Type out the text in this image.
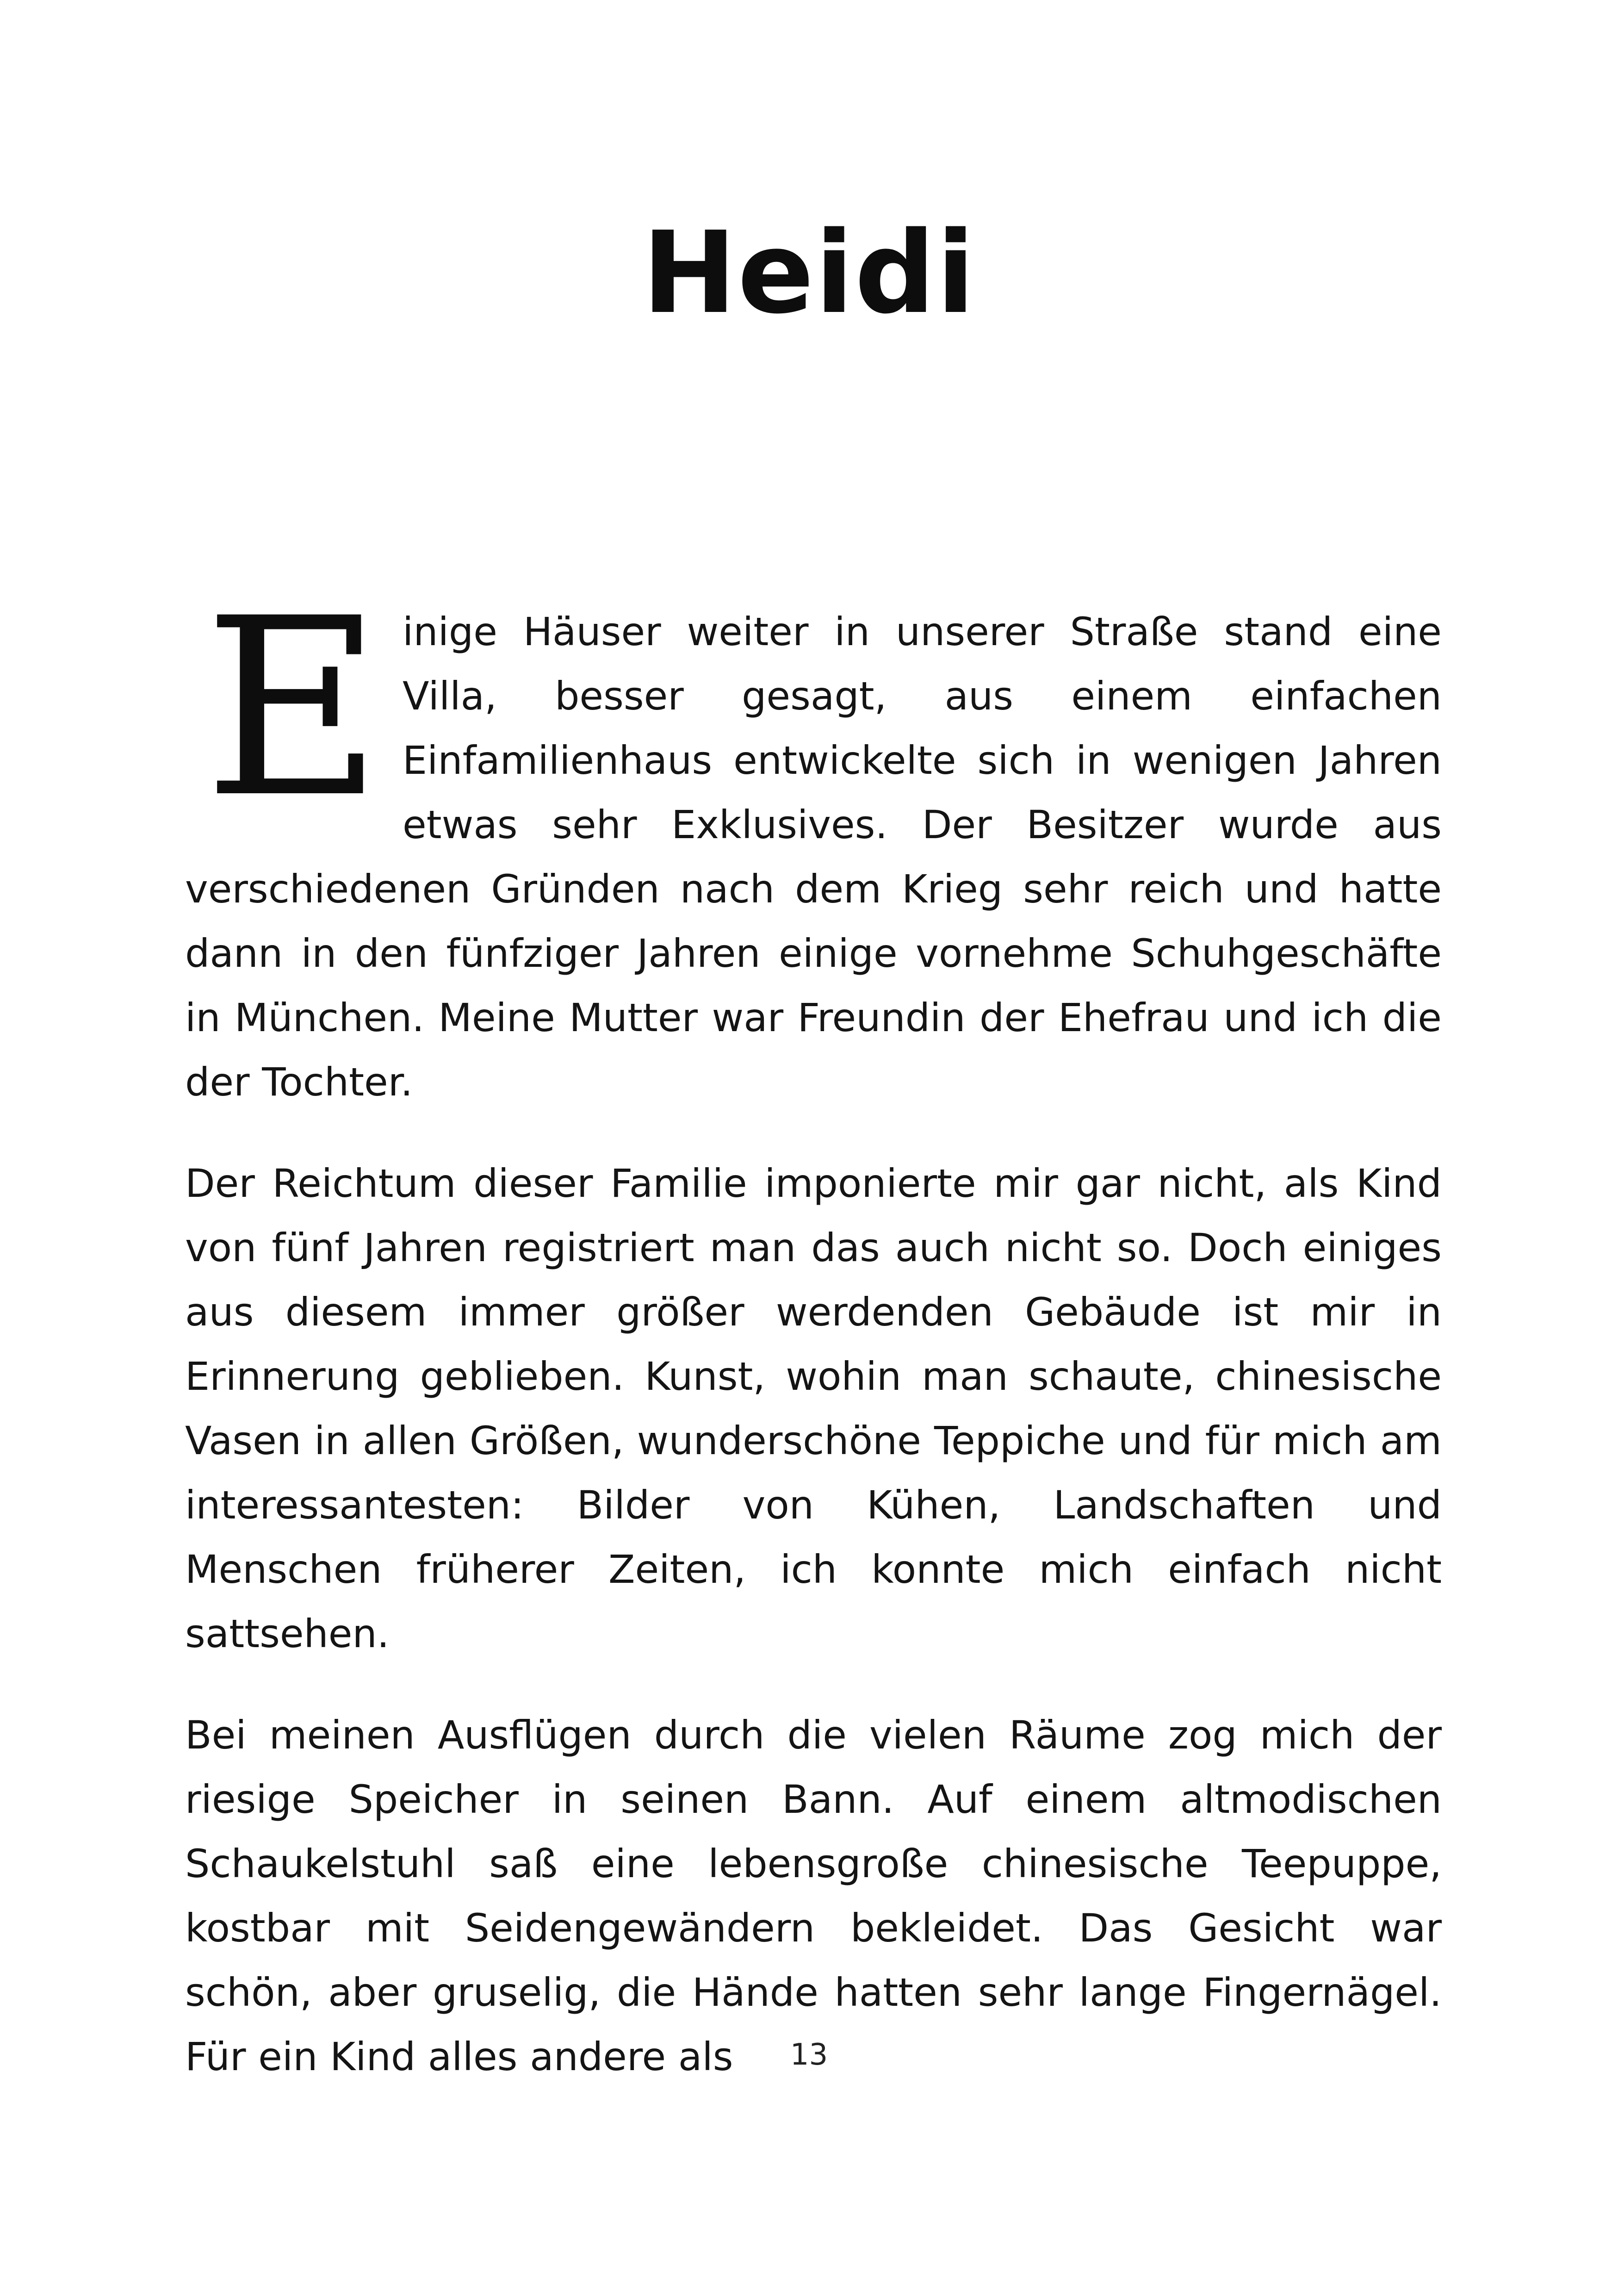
Heidi

Einige Häuser weiter in unserer Straße stand eine Villa, besser gesagt, aus einem einfachen Einfamilienhaus entwickelte sich in wenigen Jahren etwas sehr Exklusives. Der Besitzer wurde aus verschiedenen Gründen nach dem Krieg sehr reich und hatte dann in den fünfziger Jahren einige vornehme Schuhgeschäfte in München. Meine Mutter war Freundin der Ehefrau und ich die der Tochter.

Der Reichtum dieser Familie imponierte mir gar nicht, als Kind von fünf Jahren registriert man das auch nicht so. Doch einiges aus diesem immer größer werdenden Gebäude ist mir in Erinnerung geblieben. Kunst, wohin man schaute, chinesische Vasen in allen Größen, wunderschöne Teppiche und für mich am interessantesten: Bilder von Kühen, Landschaften und Menschen früherer Zeiten, ich konnte mich einfach nicht sattsehen.

Bei meinen Ausflügen durch die vielen Räume zog mich der riesige Speicher in seinen Bann. Auf einem altmodischen Schaukelstuhl saß eine lebensgroße chinesische Teepuppe, kostbar mit Seidengewändern bekleidet. Das Gesicht war schön, aber gruselig, die Hände hatten sehr lange Fingernägel. Für ein Kind alles andere als	13
